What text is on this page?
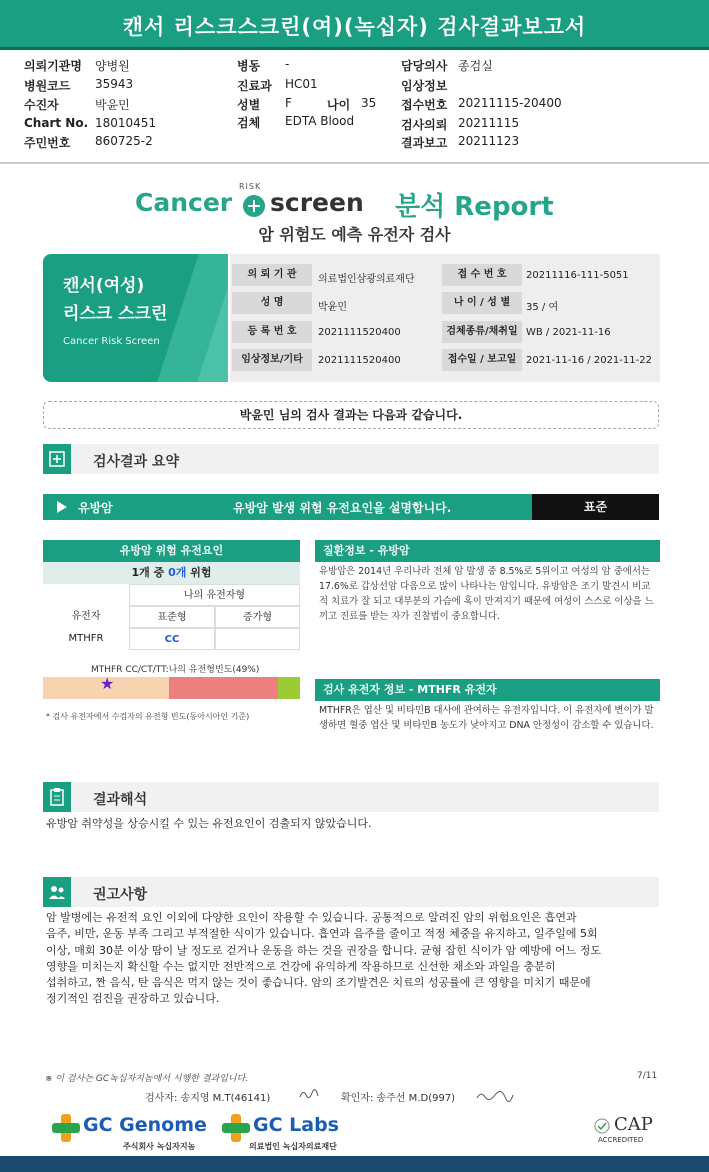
캔서 리스크스크린(여)(녹십자) 검사결과보고서
의뢰기관명 양병원
병원코드 35943
수진자	박윤민
Chart No. 18010451
주민번호 860725-2
병동 -
진료과 HC01
성별 F	나이 35
검체 EDTA Blood
담당의사 종검실
임상정보
접수번호 20211115-20400
검사의뢰 20211115
결과보고 20211123
Cancer
RISK
screen 분석 Report
암 위험도 예측 유전자 검사
캔서(여성)
리스크 스크린
Cancer Risk Screen
의 뢰 기 관	의료법인삼광의료재단	접 수 번 호	20211116-111-5051
성 명	박윤민	나 이 / 성 별	35 / 여
등 록 번 호	2021111520400	검체종류/채취일 WB / 2021-11-16
임상정보/기타	2021111520400	접수일 / 보고일 2021-11-16 / 2021-11-22
박윤민 님의 검사 결과는 다음과 같습니다.
검사결과 요약
유방암	유방암 발생 위험 유전요인을 설명합니다.	표준
유방암 위험 유전요인
1개 중 0개 위험
나의 유전자형
유전자	표준형	증가형
MTHFR	CC
질환정보 - 유방암
유방암은 2014년 우리나라 전체 암 발생 중 8.5%로 5위이고 여성의 암 중에서는 17.6%로 갑상선암 다음으로 많이 나타나는 암입니다. 유방암은 조기 발견시 비교적 치료가 잘 되고 대부분의 가슴에 혹이 만져지기 때문에 여성이 스스로 이상을 느끼고 진료를 받는 자가 진찰법이 중요합니다.
MTHFR CC/CT/TT:나의 유전형빈도(49%)
★
* 검사 유전자에서 수검자의 유전형 빈도(동아시아인 기준)
검사 유전자 정보 - MTHFR 유전자
MTHFR은 엽산 및 비타민B 대사에 관여하는 유전자입니다. 이 유전자에 변이가 발생하면 혈중 엽산 및 비타민B 농도가 낮아지고 DNA 안정성이 감소할 수 있습니다.
결과해석
유방암 취약성을 상승시킬 수 있는 유전요인이 검출되지 않았습니다.
권고사항
암 발병에는 유전적 요인 이외에 다양한 요인이 작용할 수 있습니다. 공통적으로 알려진 암의 위험요인은 흡연과
음주, 비만, 운동 부족 그리고 부적절한 식이가 있습니다. 흡연과 음주를 줄이고 적정 체중을 유지하고, 일주일에 5회
이상, 매회 30분 이상 땀이 날 정도로 걷거나 운동을 하는 것을 권장을 합니다. 균형 잡힌 식이가 암 예방에 어느 정도
영향을 미치는지 확신할 수는 없지만 전반적으로 건강에 유익하게 작용하므로 신선한 채소와 과일을 충분히
섭취하고, 짠 음식, 탄 음식은 먹지 않는 것이 좋습니다. 암의 조기발견은 치료의 성공률에 큰 영향을 미치기 때문에
정기적인 검진을 권장하고 있습니다.
※ 이 검사는 GC녹십자지놈에서 시행한 결과입니다.	7/11
검사자: 송지영 M.T(46141)	확인자: 송주선 M.D(997)
GC Genome
주식회사 녹십자지놈
GC Labs
의료법인 녹십자의료재단
CAP
ACCREDITED
